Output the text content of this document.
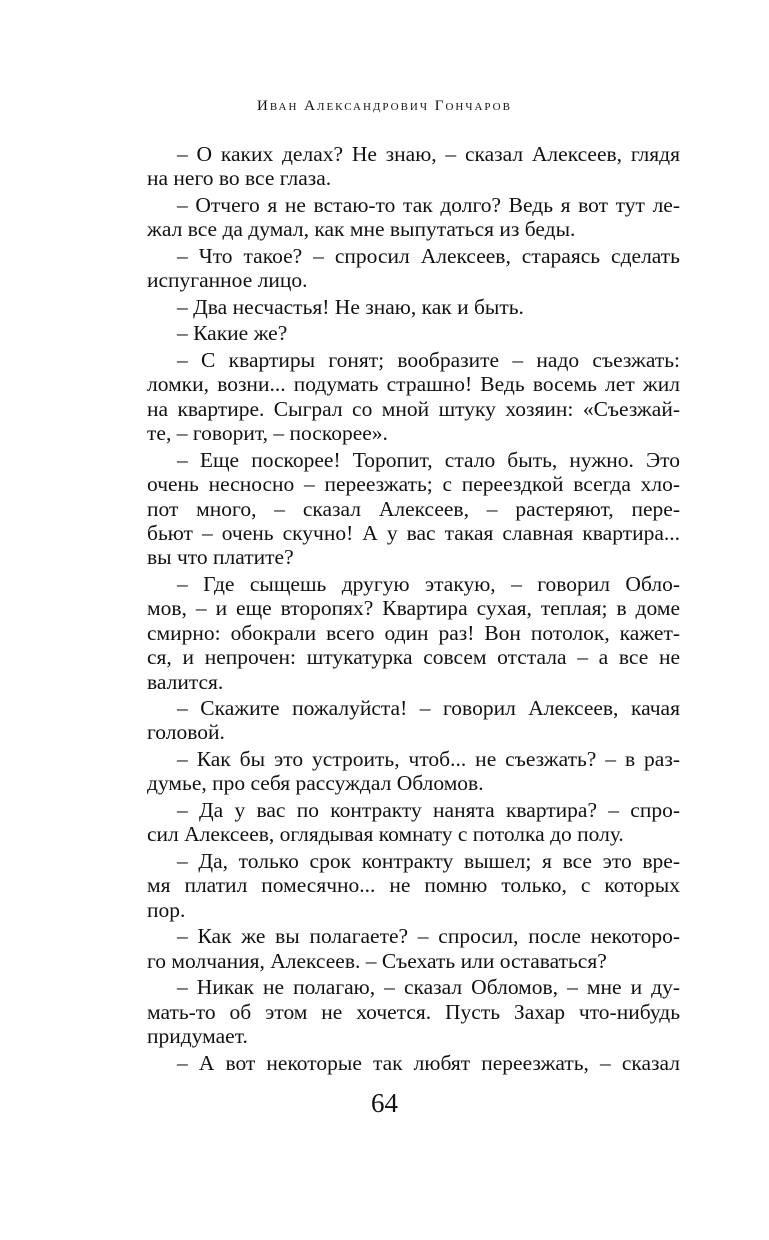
Иван Александрович Гончаров
– О каких делах? Не знаю, – сказал Алексеев, глядя
на него во все глаза.
– Отчего я не встаю-то так долго? Ведь я вот тут ле-
жал все да думал, как мне выпутаться из беды.
– Что такое? – спросил Алексеев, стараясь сделать
испуганное лицо.
– Два несчастья! Не знаю, как и быть.
– Какие же?
– С квартиры гонят; вообразите – надо съезжать:
ломки, возни... подумать страшно! Ведь восемь лет жил
на квартире. Сыграл со мной штуку хозяин: «Съезжай-
те, – говорит, – поскорее».
– Еще поскорее! Торопит, стало быть, нужно. Это
очень несносно – переезжать; с переездкой всегда хло-
пот много, – сказал Алексеев, – растеряют, пере-
бьют – очень скучно! А у вас такая славная квартира...
вы что платите?
– Где сыщешь другую этакую, – говорил Обло-
мов, – и еще второпях? Квартира сухая, теплая; в доме
смирно: обокрали всего один раз! Вон потолок, кажет-
ся, и непрочен: штукатурка совсем отстала – а все не
валится.
– Скажите пожалуйста! – говорил Алексеев, качая
головой.
– Как бы это устроить, чтоб... не съезжать? – в раз-
думье, про себя рассуждал Обломов.
– Да у вас по контракту нанята квартира? – спро-
сил Алексеев, оглядывая комнату с потолка до полу.
– Да, только срок контракту вышел; я все это вре-
мя платил помесячно... не помню только, с которых
пор.
– Как же вы полагаете? – спросил, после некоторо-
го молчания, Алексеев. – Съехать или оставаться?
– Никак не полагаю, – сказал Обломов, – мне и ду-
мать-то об этом не хочется. Пусть Захар что-нибудь
придумает.
– А вот некоторые так любят переезжать, – сказал
64
